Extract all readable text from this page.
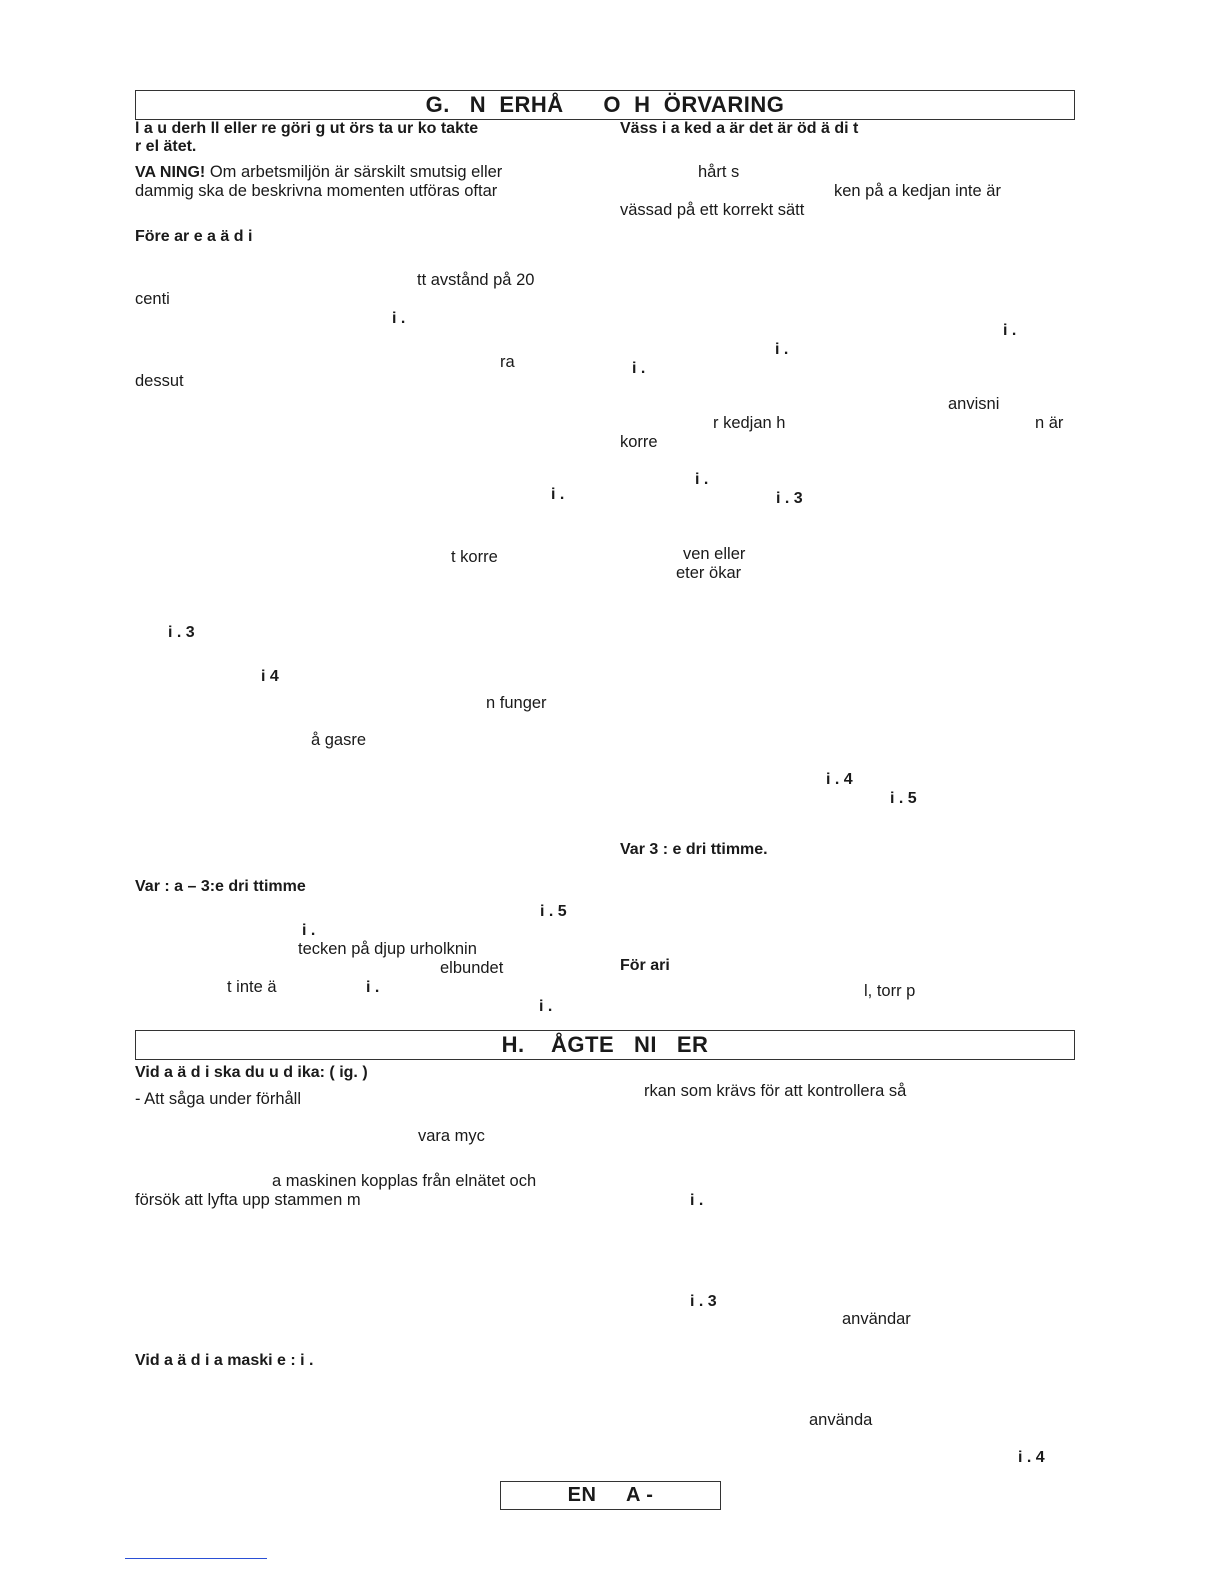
G.   N  ERHÅ      O  H  ÖRVARING
H.    ÅGTE   NI   ER
l a u derh ll eller re göri g ut örs ta ur ko takte
r el ätet.
VA NING! Om arbetsmiljön är särskilt smutsig eller
dammig ska de beskrivna momenten utföras oftar
Före ar e a ä d i
tt avstånd på 20
centi
i .
ra
dessut
i .
t korre
i . 3
i 4
n funger
å gasre
Var : a – 3:e dri ttimme
i . 5
i .
tecken på djup urholknin
elbundet
t inte ä	i .
i .
Väss i a ked a är det är öd ä di t
hårt s
ken på a kedjan inte är
vässad på ett korrekt sätt
i .
i .
i .
anvisni
r kedjan h	n är
korre
i .
i . 3
ven eller
eter ökar
i . 4
i . 5
Var 3 : e dri ttimme.
För ari
l, torr p
Vid a ä d i ska du u d ika: ( ig. )
- Att såga under förhåll
vara myc
a maskinen kopplas från elnätet och
försök att lyfta upp stammen m
Vid a ä d i a maski e : i .
rkan som krävs för att kontrollera så
i .
i . 3
användar
använda
i . 4
EN     A -
